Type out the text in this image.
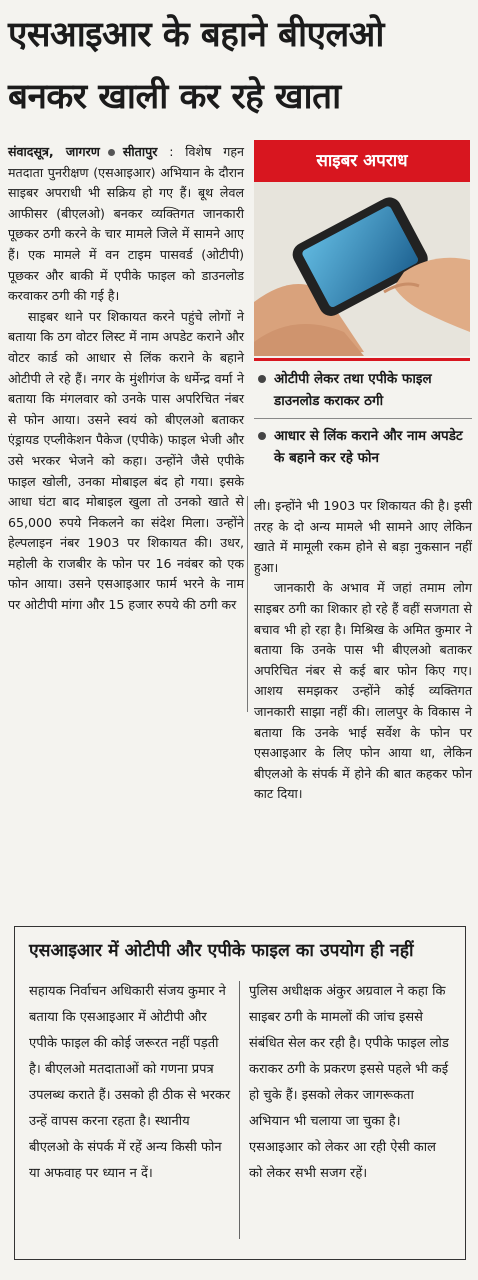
एसआइआर के बहाने बीएलओ बनकर खाली कर रहे खाता

संवादसूत्र, जागरण सीतापुर : विशेष गहन मतदाता पुनरीक्षण (एसआइआर) अभियान के दौरान साइबर अपराधी भी सक्रिय हो गए हैं। बूथ लेवल आफीसर (बीएलओ) बनकर व्यक्तिगत जानकारी पूछकर ठगी करने के चार मामले जिले में सामने आए हैं। एक मामले में वन टाइम पासवर्ड (ओटीपी) पूछकर और बाकी में एपीके फाइल को डाउनलोड करवाकर ठगी की गई है।

साइबर थाने पर शिकायत करने पहुंचे लोगों ने बताया कि ठग वोटर लिस्ट में नाम अपडेट कराने और वोटर कार्ड को आधार से लिंक कराने के बहाने ओटीपी ले रहे हैं। नगर के मुंशीगंज के धर्मेन्द्र वर्मा ने बताया कि मंगलवार को उनके पास अपरिचित नंबर से फोन आया। उसने स्वयं को बीएलओ बताकर एंड्रायड एप्लीकेशन पैकेज (एपीके) फाइल भेजी और उसे भरकर भेजने को कहा। उन्होंने जैसे एपीके फाइल खोली, उनका मोबाइल बंद हो गया। इसके आधा घंटा बाद मोबाइल खुला तो उनको खाते से 65,000 रुपये निकलने का संदेश मिला। उन्होंने हेल्पलाइन नंबर 1903 पर शिकायत की। उधर, महोली के राजबीर के फोन पर 16 नवंबर को एक फोन आया। उसने एसआइआर फार्म भरने के नाम पर ओटीपी मांगा और 15 हजार रुपये की ठगी कर

ली। इन्होंने भी 1903 पर शिकायत की है। इसी तरह के दो अन्य मामले भी सामने आए लेकिन खाते में मामूली रकम होने से बड़ा नुकसान नहीं हुआ।

जानकारी के अभाव में जहां तमाम लोग साइबर ठगी का शिकार हो रहे हैं वहीं सजगता से बचाव भी हो रहा है। मिश्रिख के अमित कुमार ने बताया कि उनके पास भी बीएलओ बताकर अपरिचित नंबर से कई बार फोन किए गए। आशय समझकर उन्होंने कोई व्यक्तिगत जानकारी साझा नहीं की। लालपुर के विकास ने बताया कि उनके भाई सर्वेश के फोन पर एसआइआर के लिए फोन आया था, लेकिन बीएलओ के संपर्क में होने की बात कहकर फोन काट दिया।

साइबर अपराध
ओटीपी लेकर तथा एपीके फाइल डाउनलोड कराकर ठगी
आधार से लिंक कराने और नाम अपडेट के बहाने कर रहे फोन
एसआइआर में ओटीपी और एपीके फाइल का उपयोग ही नहीं
सहायक निर्वाचन अधिकारी संजय कुमार ने बताया कि एसआइआर में ओटीपी और एपीके फाइल की कोई जरूरत नहीं पड़ती है। बीएलओ मतदाताओं को गणना प्रपत्र उपलब्ध कराते हैं। उसको ही ठीक से भरकर उन्हें वापस करना रहता है। स्थानीय बीएलओ के संपर्क में रहें अन्य किसी फोन या अफवाह पर ध्यान न दें।
पुलिस अधीक्षक अंकुर अग्रवाल ने कहा कि साइबर ठगी के मामलों की जांच इससे संबंधित सेल कर रही है। एपीके फाइल लोड कराकर ठगी के प्रकरण इससे पहले भी कई हो चुके हैं। इसको लेकर जागरूकता अभियान भी चलाया जा चुका है। एसआइआर को लेकर आ रही ऐसी काल को लेकर सभी सजग रहें।
